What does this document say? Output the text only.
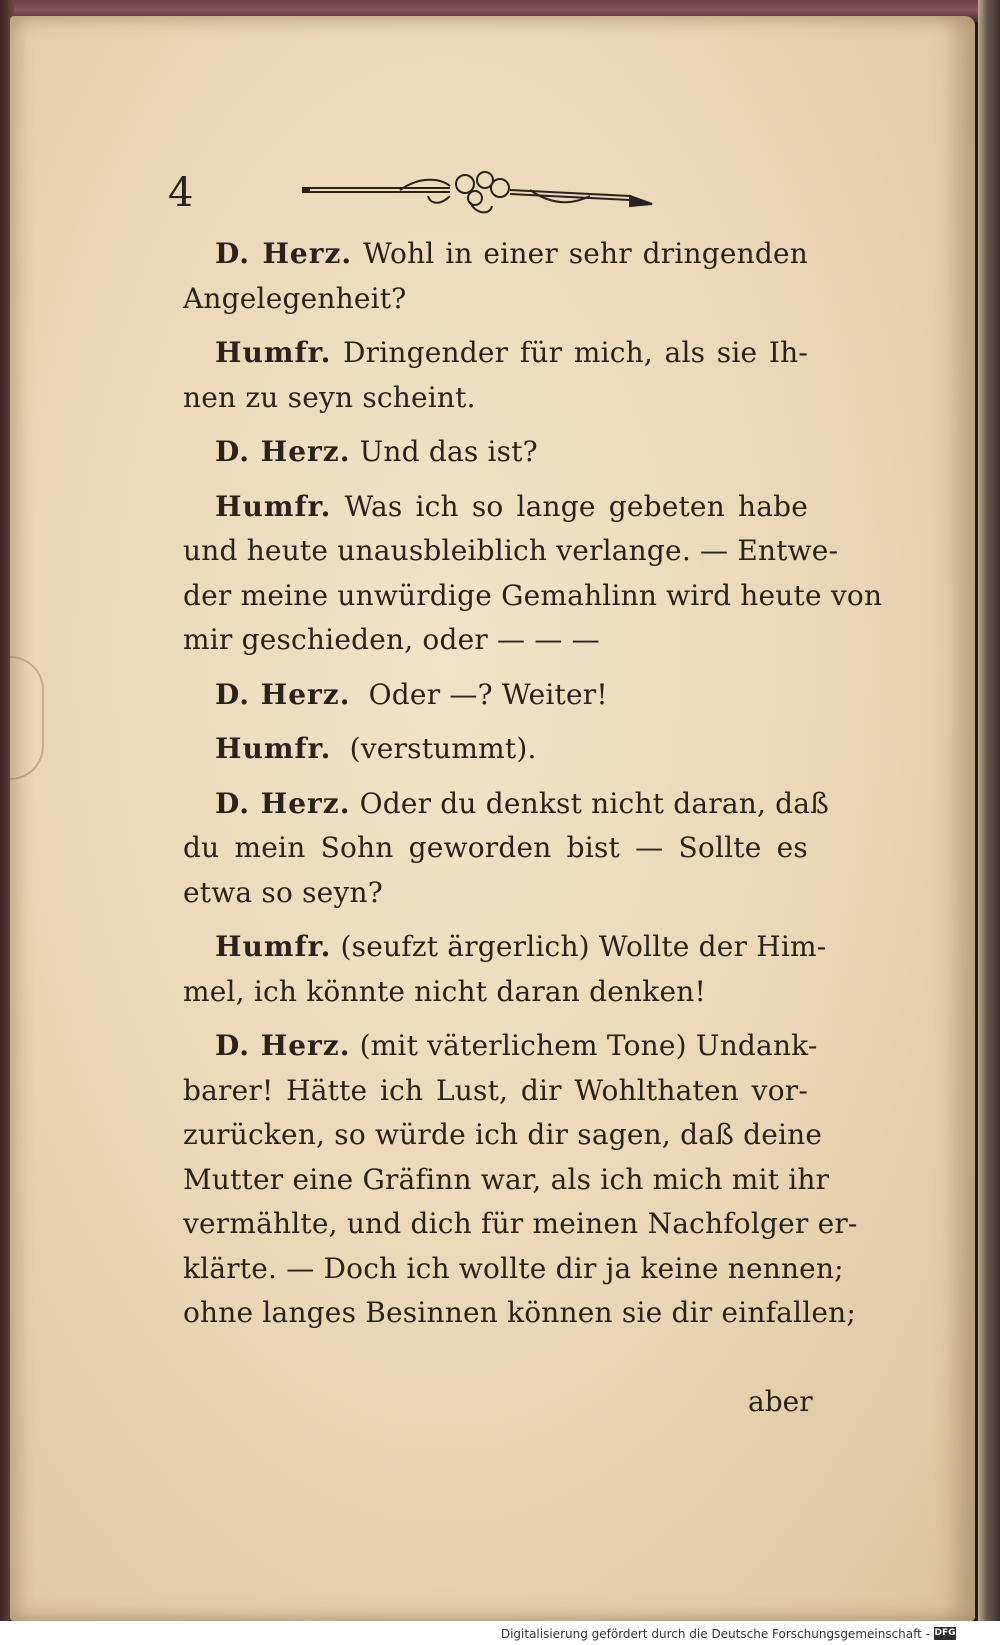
4

D. Herz. Wohl in einer sehr dringenden
Angelegenheit?

Humfr. Dringender für mich, als sie Ih-
nen zu seyn scheint.

D. Herz. Und das ist?

Humfr. Was ich so lange gebeten habe
und heute unausbleiblich verlange. — Entwe-
der meine unwürdige Gemahlinn wird heute von
mir geschieden, oder — — —

D. Herz. Oder —? Weiter!

Humfr. (verstummt).

D. Herz. Oder du denkst nicht daran, daß
du mein Sohn geworden bist — Sollte es
etwa so seyn?

Humfr. (seufzt ärgerlich) Wollte der Him-
mel, ich könnte nicht daran denken!

D. Herz. (mit väterlichem Tone) Undank-
barer! Hätte ich Lust, dir Wohlthaten vor-
zurücken, so würde ich dir sagen, daß deine
Mutter eine Gräfinn war, als ich mich mit ihr
vermählte, und dich für meinen Nachfolger er-
klärte. — Doch ich wollte dir ja keine nennen;
ohne langes Besinnen können sie dir einfallen;

aber
Digitalisierung gefördert durch die Deutsche Forschungsgemeinschaft - DFG
